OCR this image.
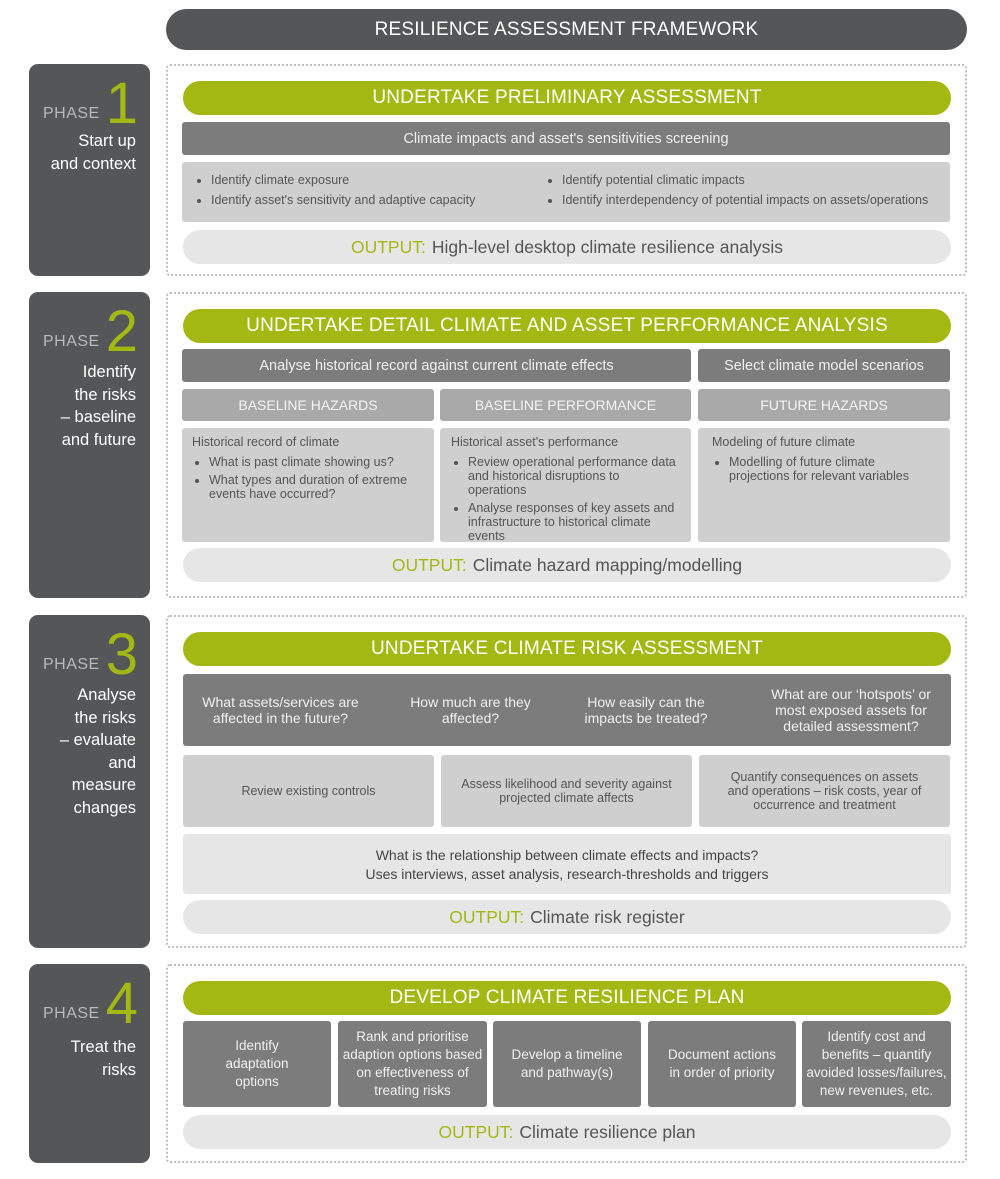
RESILIENCE ASSESSMENT FRAMEWORK
PHASE 1
Start up
and context
UNDERTAKE PRELIMINARY ASSESSMENT
Climate impacts and asset's sensitivities screening
• Identify climate exposure
• Identify asset's sensitivity and adaptive capacity
• Identify potential climatic impacts
• Identify interdependency of potential impacts on assets/operations
OUTPUT: High-level desktop climate resilience analysis
PHASE 2
Identify
the risks
– baseline
and future
UNDERTAKE DETAIL CLIMATE AND ASSET PERFORMANCE ANALYSIS
Analyse historical record against current climate effects	Select climate model scenarios
BASELINE HAZARDS	BASELINE PERFORMANCE	FUTURE HAZARDS
Historical record of climate
• What is past climate showing us?
• What types and duration of extreme events have occurred?
Historical asset's performance
• Review operational performance data and historical disruptions to operations
• Analyse responses of key assets and infrastructure to historical climate events
Modeling of future climate
• Modelling of future climate projections for relevant variables
OUTPUT: Climate hazard mapping/modelling
PHASE 3
Analyse
the risks
– evaluate
and
measure
changes
UNDERTAKE CLIMATE RISK ASSESSMENT
What assets/services are affected in the future?
How much are they affected?
How easily can the impacts be treated?
What are our ‘hotspots’ or most exposed assets for detailed assessment?
Review existing controls	Assess likelihood and severity against projected climate affects
Quantify consequences on assets and operations – risk costs, year of occurrence and treatment
What is the relationship between climate effects and impacts?
Uses interviews, asset analysis, research-thresholds and triggers
OUTPUT: Climate risk register
PHASE 4
Treat the
risks
DEVELOP CLIMATE RESILIENCE PLAN
Identify adaptation options
Rank and prioritise adaption options based on effectiveness of treating risks
Develop a timeline and pathway(s)
Document actions in order of priority
Identify cost and benefits – quantify avoided losses/failures, new revenues, etc.
OUTPUT: Climate resilience plan
